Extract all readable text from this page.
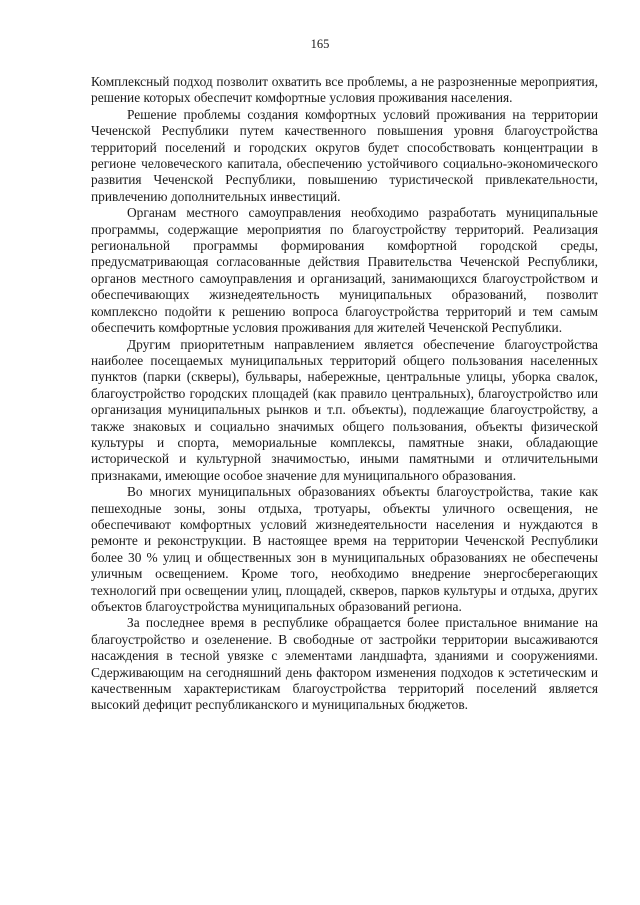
165

Комплексный подход позволит охватить все проблемы, а не разрозненные мероприятия, решение которых обеспечит комфортные условия проживания населения.

Решение проблемы создания комфортных условий проживания на территории Чеченской Республики путем качественного повышения уровня благоустройства территорий поселений и городских округов будет способствовать концентрации в регионе человеческого капитала, обеспечению устойчивого социально-экономического развития Чеченской Республики, повышению туристической привлекательности, привлечению дополнительных инвестиций.

Органам местного самоуправления необходимо разработать муниципальные программы, содержащие мероприятия по благоустройству территорий. Реализация региональной программы формирования комфортной городской среды, предусматривающая согласованные действия Правительства Чеченской Республики, органов местного самоуправления и организаций, занимающихся благоустройством и обеспечивающих жизнедеятельность муниципальных образований, позволит комплексно подойти к решению вопроса благоустройства территорий и тем самым обеспечить комфортные условия проживания для жителей Чеченской Республики.

Другим приоритетным направлением является обеспечение благоустройства наиболее посещаемых муниципальных территорий общего пользования населенных пунктов (парки (скверы), бульвары, набережные, центральные улицы, уборка свалок, благоустройство городских площадей (как правило центральных), благоустройство или организация муниципальных рынков и т.п. объекты), подлежащие благоустройству, а также знаковых и социально значимых общего пользования, объекты физической культуры и спорта, мемориальные комплексы, памятные знаки, обладающие исторической и культурной значимостью, иными памятными и отличительными признаками, имеющие особое значение для муниципального образования.

Во многих муниципальных образованиях объекты благоустройства, такие как пешеходные зоны, зоны отдыха, тротуары, объекты уличного освещения, не обеспечивают комфортных условий жизнедеятельности населения и нуждаются в ремонте и реконструкции. В настоящее время на территории Чеченской Республики более 30 % улиц и общественных зон в муниципальных образованиях не обеспечены уличным освещением. Кроме того, необходимо внедрение энергосберегающих технологий при освещении улиц, площадей, скверов, парков культуры и отдыха, других объектов благоустройства муниципальных образований региона.

За последнее время в республике обращается более пристальное внимание на благоустройство и озеленение. В свободные от застройки территории высаживаются насаждения в тесной увязке с элементами ландшафта, зданиями и сооружениями. Сдерживающим на сегодняшний день фактором изменения подходов к эстетическим и качественным характеристикам благоустройства территорий поселений является высокий дефицит республиканского и муниципальных бюджетов.
